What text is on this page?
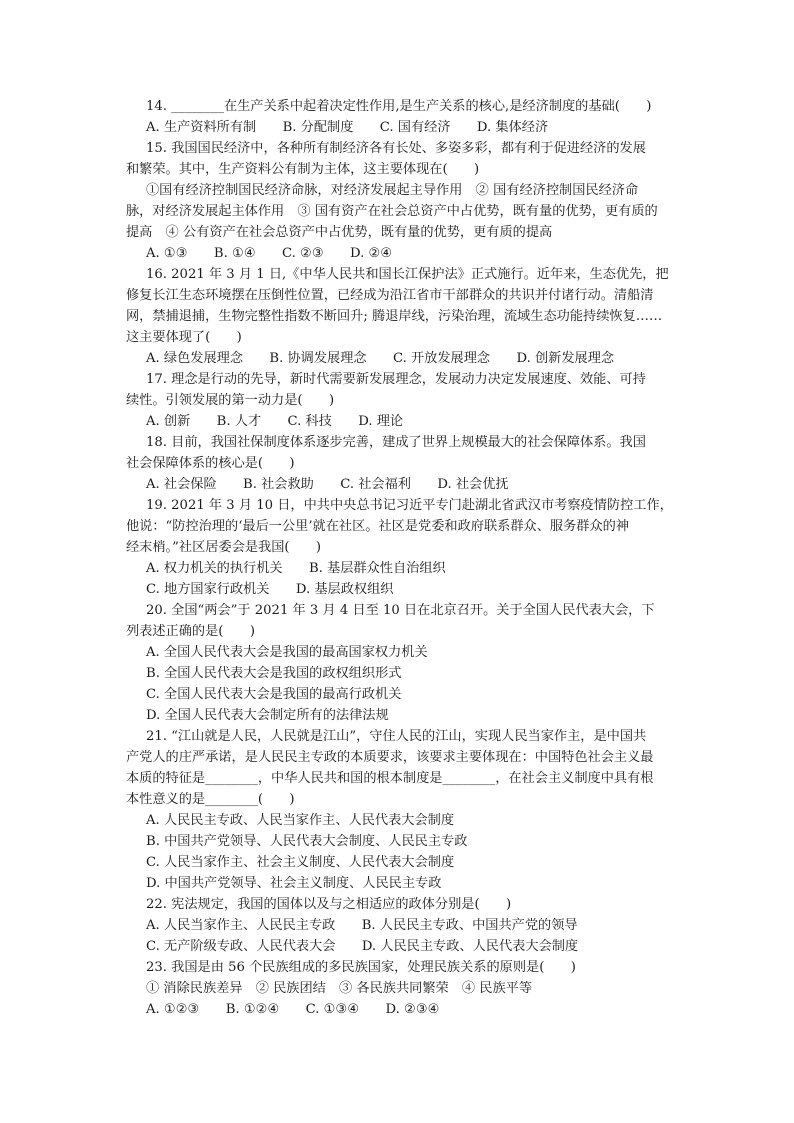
14. ________在生产关系中起着决定性作用,是生产关系的核心,是经济制度的基础(　　)
A. 生产资料所有制　　B. 分配制度　　C. 国有经济　　D. 集体经济
15. 我国国民经济中，各种所有制经济各有长处、多姿多彩，都有利于促进经济的发展
和繁荣。其中，生产资料公有制为主体，这主要体现在(　　)
①国有经济控制国民经济命脉，对经济发展起主导作用　② 国有经济控制国民经济命
脉，对经济发展起主体作用　③ 国有资产在社会总资产中占优势，既有量的优势，更有质的
提高　④ 公有资产在社会总资产中占优势，既有量的优势，更有质的提高
A. ①③　　B. ①④　　C. ②③　　D. ②④
16. 2021 年 3 月 1 日,《中华人民共和国长江保护法》正式施行。近年来，生态优先，把
修复长江生态环境摆在压倒性位置，已经成为沿江省市干部群众的共识并付诸行动。清船清
网，禁捕退捕，生物完整性指数不断回升; 腾退岸线，污染治理，流域生态功能持续恢复……
这主要体现了(　　)
A. 绿色发展理念　　B. 协调发展理念　　C. 开放发展理念　　D. 创新发展理念
17. 理念是行动的先导，新时代需要新发展理念，发展动力决定发展速度、效能、可持
续性。引领发展的第一动力是(　　)
A. 创新　　B. 人才　　C. 科技　　D. 理论
18. 目前，我国社保制度体系逐步完善，建成了世界上规模最大的社会保障体系。我国
社会保障体系的核心是(　　)
A. 社会保险　　B. 社会救助　　C. 社会福利　　D. 社会优抚
19. 2021 年 3 月 10 日，中共中央总书记习近平专门赴湖北省武汉市考察疫情防控工作，
他说：“防控治理的‘最后一公里’就在社区。社区是党委和政府联系群众、服务群众的神
经末梢。”社区居委会是我国(　　)
A. 权力机关的执行机关　　B. 基层群众性自治组织
C. 地方国家行政机关　　D. 基层政权组织
20. 全国“两会”于 2021 年 3 月 4 日至 10 日在北京召开。关于全国人民代表大会，下
列表述正确的是(　　)
A. 全国人民代表大会是我国的最高国家权力机关
B. 全国人民代表大会是我国的政权组织形式
C. 全国人民代表大会是我国的最高行政机关
D. 全国人民代表大会制定所有的法律法规
21. “江山就是人民，人民就是江山”，守住人民的江山，实现人民当家作主，是中国共
产党人的庄严承诺，是人民民主专政的本质要求，该要求主要体现在：中国特色社会主义最
本质的特征是________，中华人民共和国的根本制度是________，在社会主义制度中具有根
本性意义的是________(　　)
A. 人民民主专政、人民当家作主、人民代表大会制度
B. 中国共产党领导、人民代表大会制度、人民民主专政
C. 人民当家作主、社会主义制度、人民代表大会制度
D. 中国共产党领导、社会主义制度、人民民主专政
22. 宪法规定，我国的国体以及与之相适应的政体分别是(　　)
A. 人民当家作主、人民民主专政　　B. 人民民主专政、中国共产党的领导
C. 无产阶级专政、人民代表大会　　D. 人民民主专政、人民代表大会制度
23. 我国是由 56 个民族组成的多民族国家，处理民族关系的原则是(　　)
① 消除民族差异　② 民族团结　③ 各民族共同繁荣　④ 民族平等
A. ①②③　　B. ①②④　　C. ①③④　　D. ②③④
